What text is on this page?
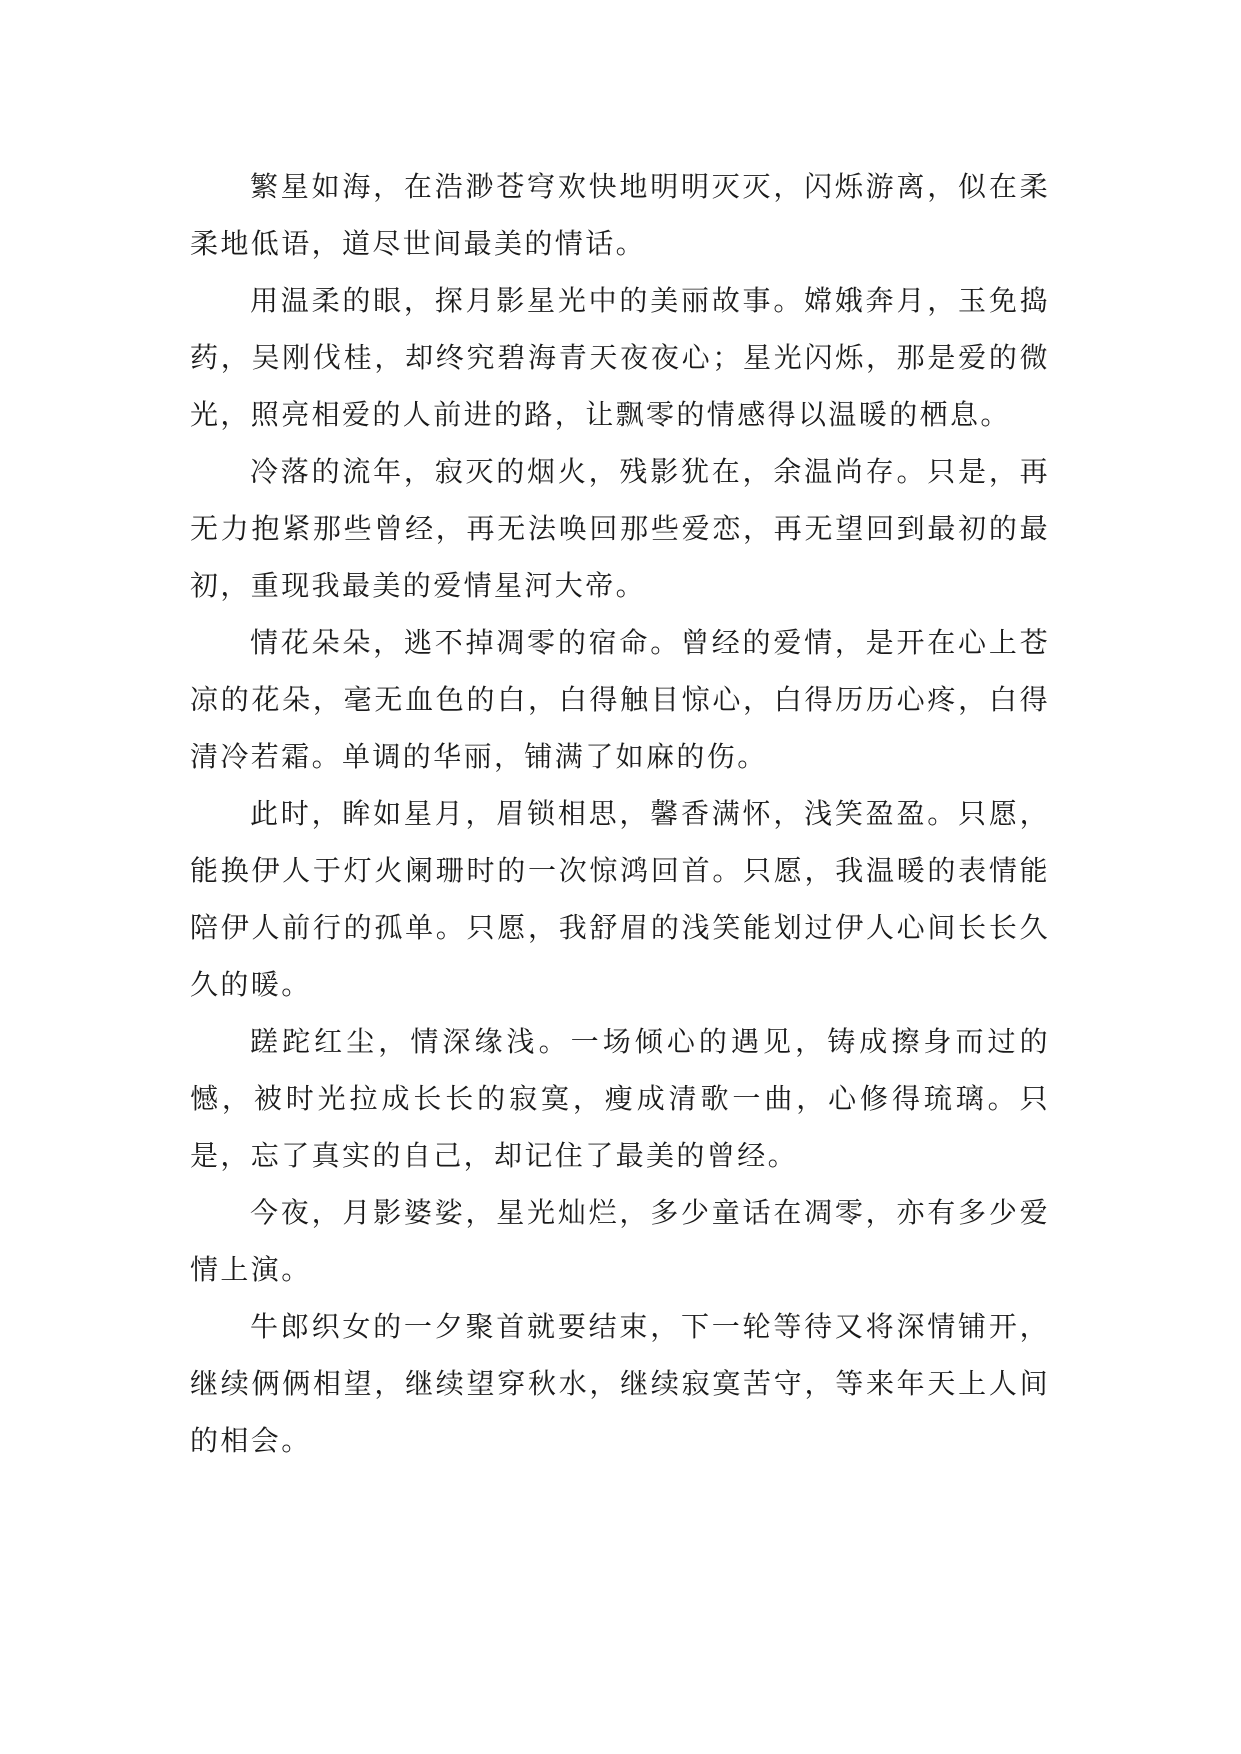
繁星如海，在浩渺苍穹欢快地明明灭灭，闪烁游离，似在柔柔地低语，道尽世间最美的情话。

用温柔的眼，探月影星光中的美丽故事。嫦娥奔月，玉免捣药，吴刚伐桂，却终究碧海青天夜夜心；星光闪烁，那是爱的微光，照亮相爱的人前进的路，让飘零的情感得以温暖的栖息。

冷落的流年，寂灭的烟火，残影犹在，余温尚存。只是，再无力抱紧那些曾经，再无法唤回那些爱恋，再无望回到最初的最初，重现我最美的爱情星河大帝。

情花朵朵，逃不掉凋零的宿命。曾经的爱情，是开在心上苍凉的花朵，毫无血色的白，白得触目惊心，白得历历心疼，白得清冷若霜。单调的华丽，铺满了如麻的伤。

此时，眸如星月，眉锁相思，馨香满怀，浅笑盈盈。只愿，能换伊人于灯火阑珊时的一次惊鸿回首。只愿，我温暖的表情能陪伊人前行的孤单。只愿，我舒眉的浅笑能划过伊人心间长长久久的暖。

蹉跎红尘，情深缘浅。一场倾心的遇见，铸成擦身而过的憾，被时光拉成长长的寂寞，瘦成清歌一曲，心修得琉璃。只是，忘了真实的自己，却记住了最美的曾经。

今夜，月影婆娑，星光灿烂，多少童话在凋零，亦有多少爱情上演。

牛郎织女的一夕聚首就要结束，下一轮等待又将深情铺开，继续俩俩相望，继续望穿秋水，继续寂寞苦守，等来年天上人间的相会。
